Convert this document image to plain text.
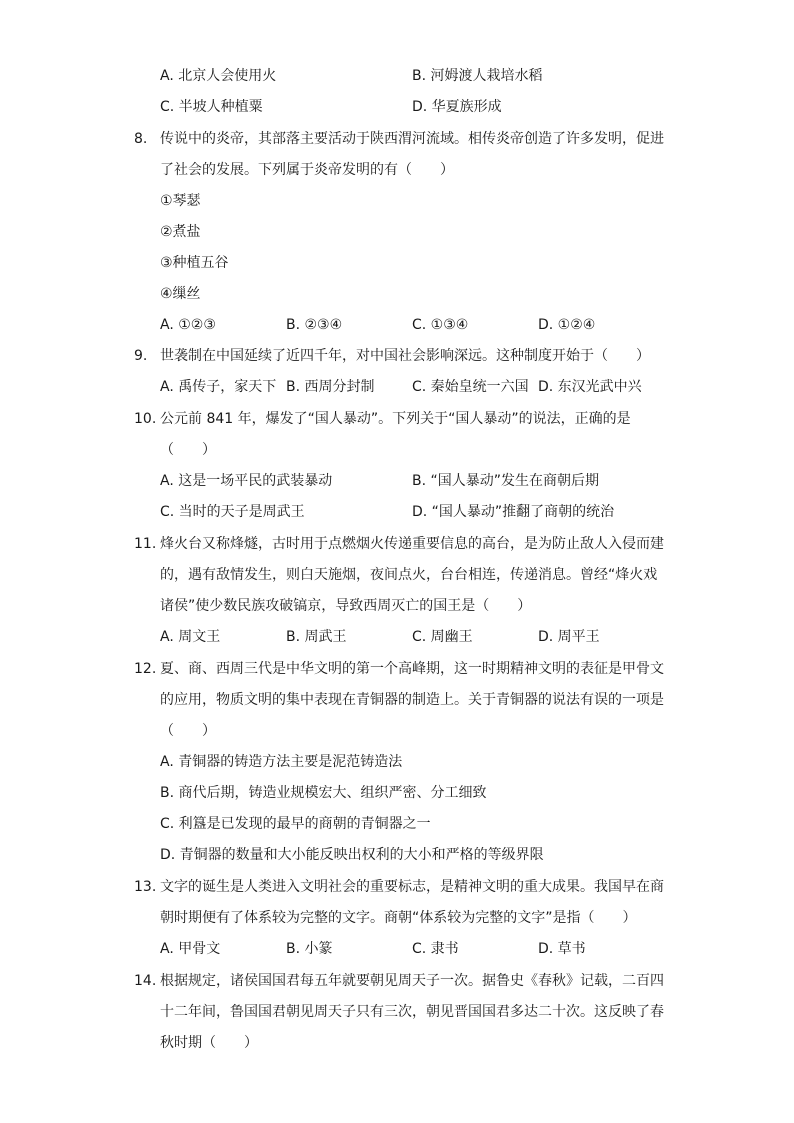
A. 北京人会使用火	B. 河姆渡人栽培水稻
C. 半坡人种植粟	D. 华夏族形成
8. 传说中的炎帝，其部落主要活动于陕西渭河流域。相传炎帝创造了许多发明，促进
了社会的发展。下列属于炎帝发明的有（　　）
①琴瑟
②煮盐
③种植五谷
④缫丝
A. ①②③	B. ②③④	C. ①③④	D. ①②④
9. 世袭制在中国延续了近四千年，对中国社会影响深远。这种制度开始于（　　）
A. 禹传子，家天下 B. 西周分封制	C. 秦始皇统一六国 D. 东汉光武中兴
10. 公元前 841 年，爆发了“国人暴动”。下列关于“国人暴动”的说法，正确的是
（　　）
A. 这是一场平民的武装暴动	B. “国人暴动”发生在商朝后期
C. 当时的天子是周武王	D. “国人暴动”推翻了商朝的统治
11. 烽火台又称烽燧，古时用于点燃烟火传递重要信息的高台，是为防止敌人入侵而建
的，遇有敌情发生，则白天施烟，夜间点火，台台相连，传递消息。曾经“烽火戏
诸侯”使少数民族攻破镐京，导致西周灭亡的国王是（　　）
A. 周文王	B. 周武王	C. 周幽王	D. 周平王
12. 夏、商、西周三代是中华文明的第一个高峰期，这一时期精神文明的表征是甲骨文
的应用，物质文明的集中表现在青铜器的制造上。关于青铜器的说法有误的一项是
（　　）
A. 青铜器的铸造方法主要是泥范铸造法
B. 商代后期，铸造业规模宏大、组织严密、分工细致
C. 利簋是已发现的最早的商朝的青铜器之一
D. 青铜器的数量和大小能反映出权利的大小和严格的等级界限
13. 文字的诞生是人类进入文明社会的重要标志，是精神文明的重大成果。我国早在商
朝时期便有了体系较为完整的文字。商朝“体系较为完整的文字”是指（　　）
A. 甲骨文	B. 小篆	C. 隶书	D. 草书
14. 根据规定，诸侯国国君每五年就要朝见周天子一次。据鲁史《春秋》记载，二百四
十二年间，鲁国国君朝见周天子只有三次，朝见晋国国君多达二十次。这反映了春
秋时期（　　）
